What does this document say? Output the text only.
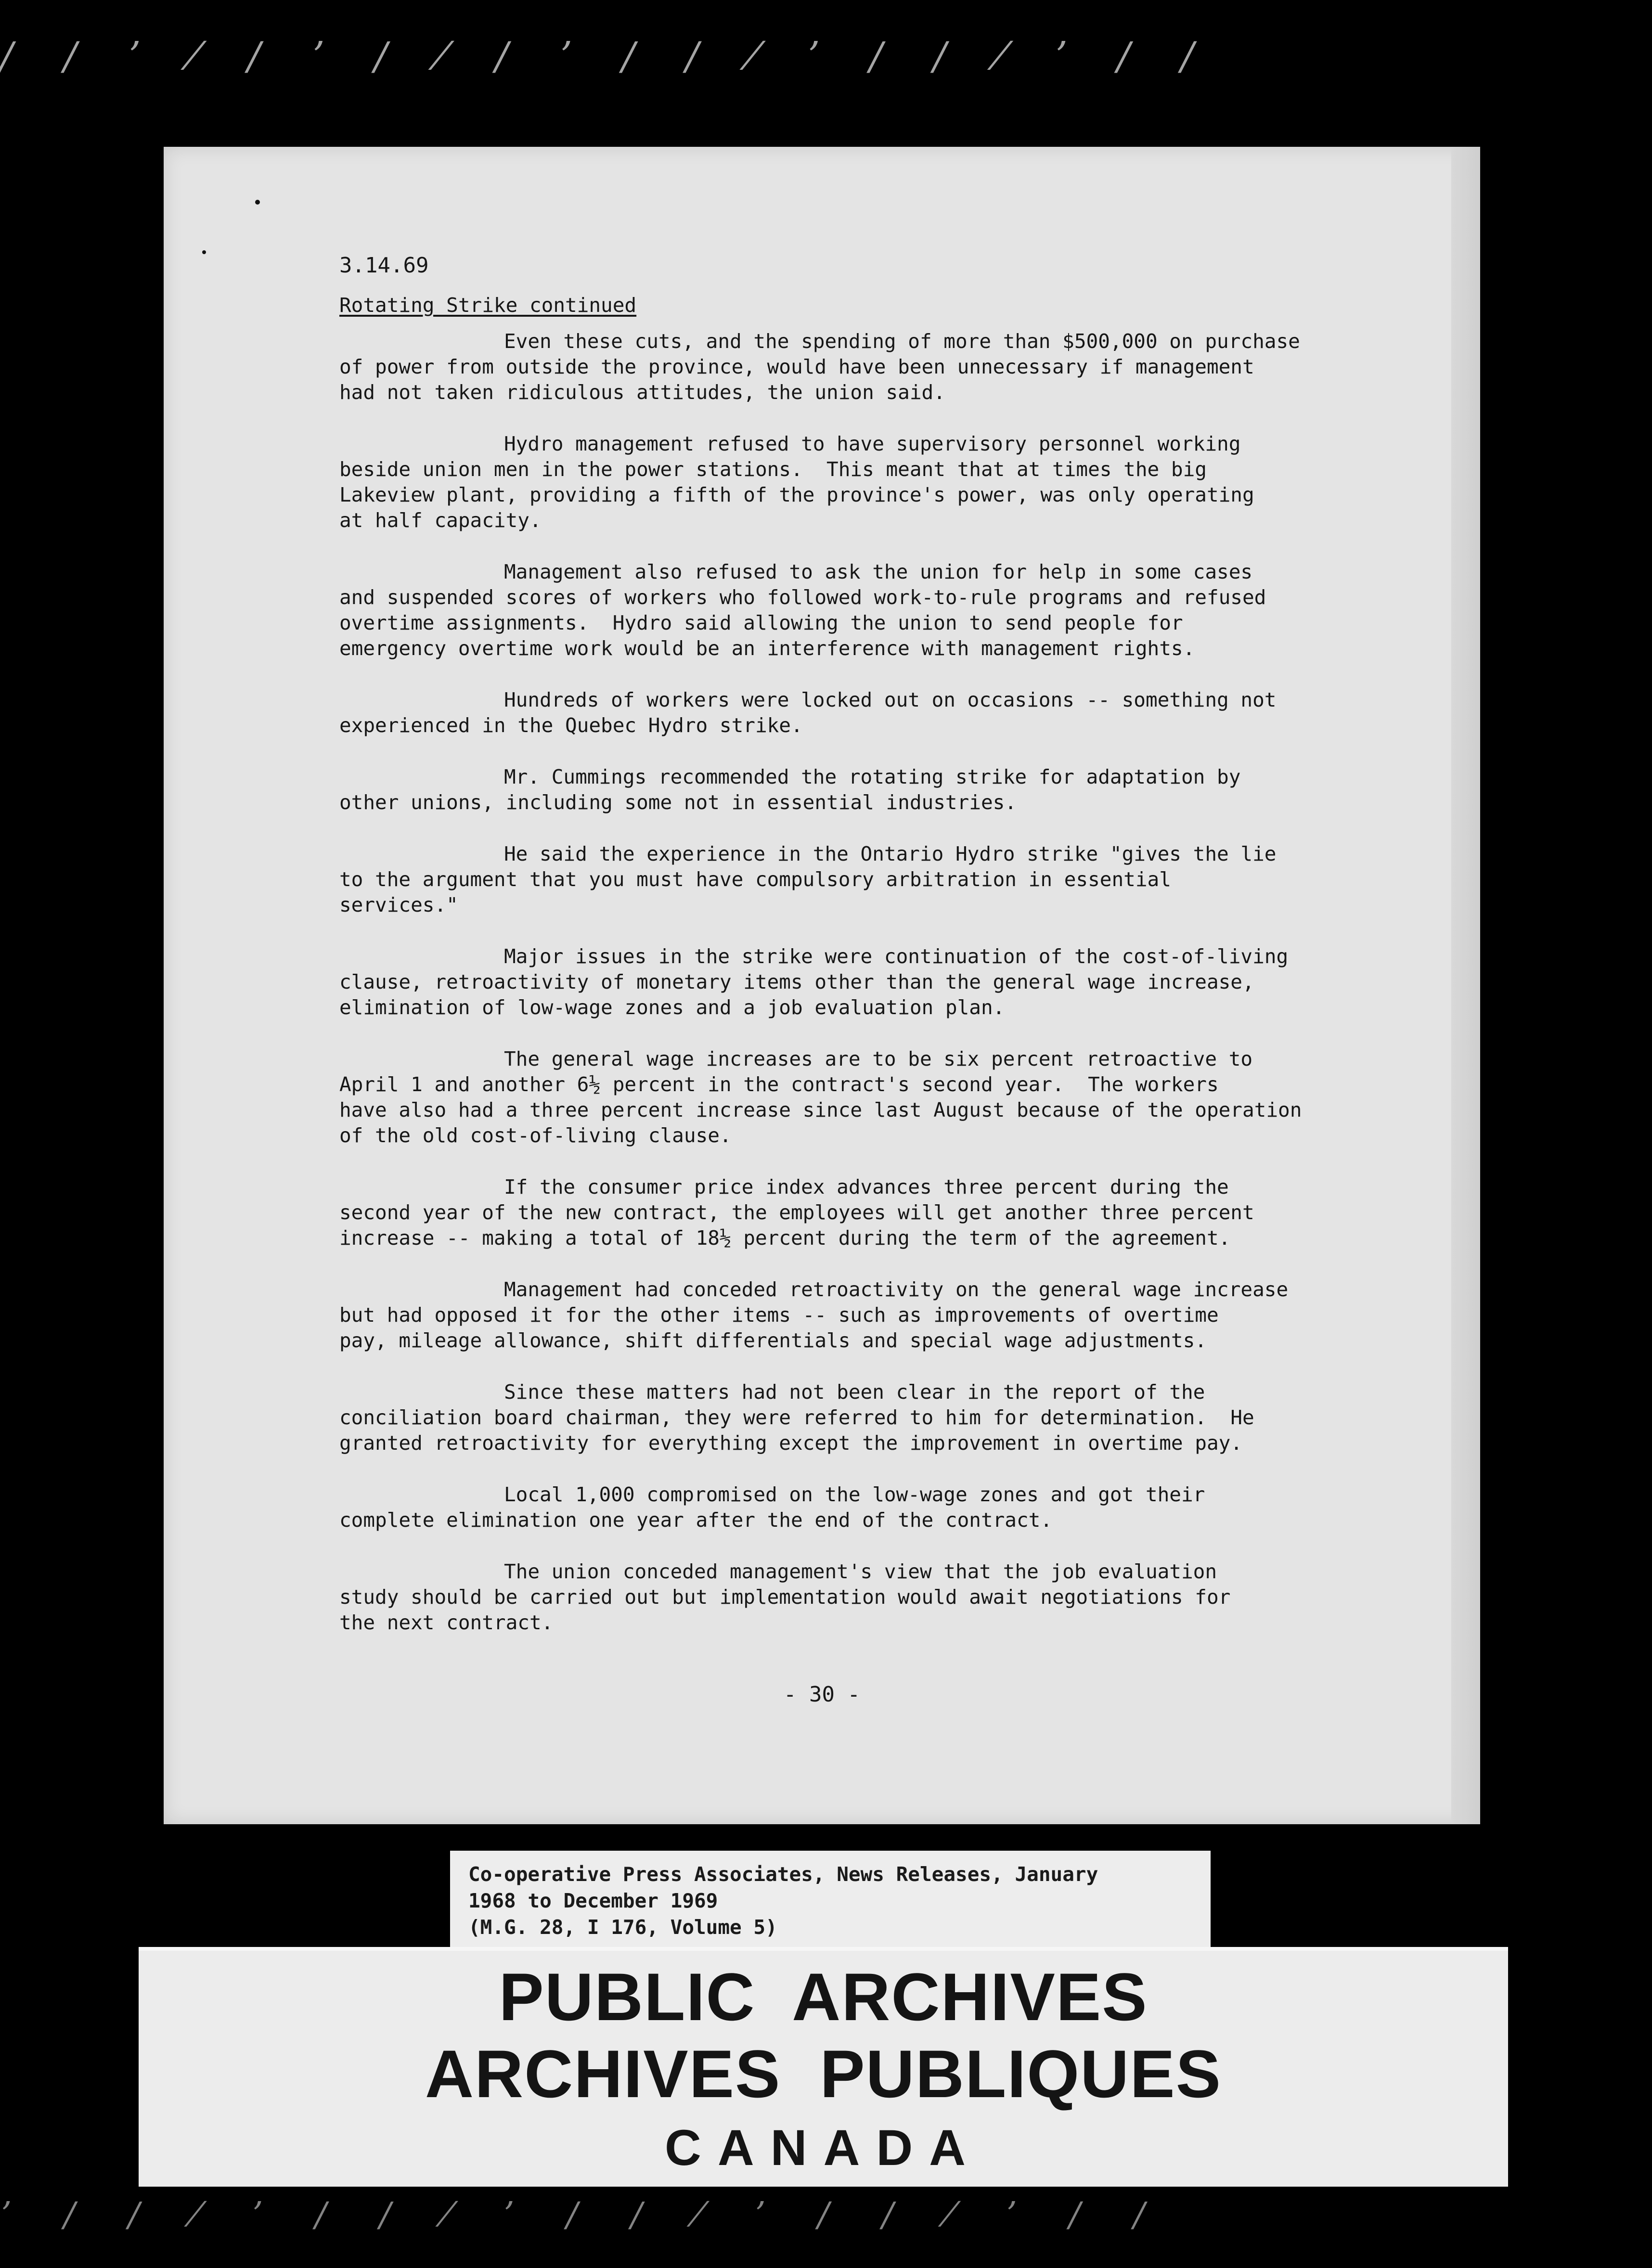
/ ∕ ʼ ⁄ ∕ ʼ / ⁄ ∕ ʼ / ∕ ⁄ ʼ / ∕ ⁄ ʼ / ∕
3.14.69
Rotating Strike continued
Even these cuts, and the spending of more than $500,000 on purchase
of power from outside the province, would have been unnecessary if management
had not taken ridiculous attitudes, the union said.
Hydro management refused to have supervisory personnel working
beside union men in the power stations.  This meant that at times the big
Lakeview plant, providing a fifth of the province's power, was only operating
at half capacity.
Management also refused to ask the union for help in some cases
and suspended scores of workers who followed work-to-rule programs and refused
overtime assignments.  Hydro said allowing the union to send people for
emergency overtime work would be an interference with management rights.
Hundreds of workers were locked out on occasions -- something not
experienced in the Quebec Hydro strike.
Mr. Cummings recommended the rotating strike for adaptation by
other unions, including some not in essential industries.
He said the experience in the Ontario Hydro strike "gives the lie
to the argument that you must have compulsory arbitration in essential
services."
Major issues in the strike were continuation of the cost-of-living
clause, retroactivity of monetary items other than the general wage increase,
elimination of low-wage zones and a job evaluation plan.
The general wage increases are to be six percent retroactive to
April 1 and another 6½ percent in the contract's second year.  The workers
have also had a three percent increase since last August because of the operation
of the old cost-of-living clause.
If the consumer price index advances three percent during the
second year of the new contract, the employees will get another three percent
increase -- making a total of 18½ percent during the term of the agreement.
Management had conceded retroactivity on the general wage increase
but had opposed it for the other items -- such as improvements of overtime
pay, mileage allowance, shift differentials and special wage adjustments.
Since these matters had not been clear in the report of the
conciliation board chairman, they were referred to him for determination.  He
granted retroactivity for everything except the improvement in overtime pay.
Local 1,000 compromised on the low-wage zones and got their
complete elimination one year after the end of the contract.
The union conceded management's view that the job evaluation
study should be carried out but implementation would await negotiations for
the next contract.
- 30 -
Co-operative Press Associates, News Releases, January
1968 to December 1969
(M.G. 28, I 176, Volume 5)
PUBLIC ARCHIVES
ARCHIVES PUBLIQUES
CANADA
ʼ / ∕ ⁄ ʼ / ∕ ⁄ ʼ / ∕ ⁄ ʼ / ∕ ⁄ ʼ / ∕
